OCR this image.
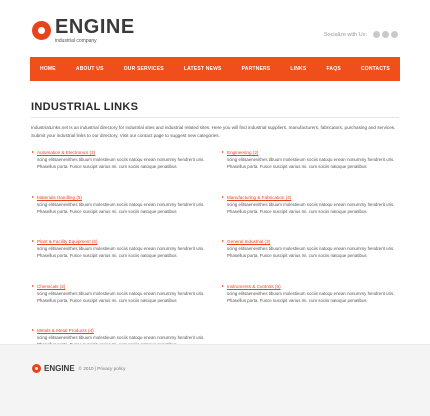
ENGINE
industrial company
Socialize with Us:
HOME	ABOUT US	OUR SERVICES	LATEST NEWS	PARTNERS	LINKS	FAQS	CONTACTS
INDUSTRIAL LINKS

IndustrialLinks.net is an industrial directory for industrial sites and industrial related sites. Here you will find industrial suppliers, manufacturers, fabricators, purchasing and services. Submit your industrial links to our directory. Visit our contact page to suggest new categories.

Automation & Electronics (3)

scing elitsaenevithes tibuum molestieum sociis natoqu enean nonummy hendrerit uris. Phasellus porta. Fusce suscipit varius mi. cum sociis natoque penatibus

Engineering (2)

scing elitsaenevithes tibuum molestieum sociis natoqu enean nonummy hendrerit uris. Phasellus porta. Fusce suscipit varius mi. cum sociis natoque penatibus

Materials Handling (5)

scing elitsaenevithes tibuum molestieum sociis natoqu enean nonummy hendrerit uris. Phasellus porta. Fusce suscipit varius mi. cum sociis natoque penatibus

Manufacturing & Fabrication (4)

scing elitsaenevithes tibuum molestieum sociis natoqu enean nonummy hendrerit uris. Phasellus porta. Fusce suscipit varius mi. cum sociis natoque penatibus

Plant & Facility Equipment (6)

scing elitsaenevithes tibuum molestieum sociis natoqu enean nonummy hendrerit uris. Phasellus porta. Fusce suscipit varius mi. cum sociis natoque penatibus

General Industrial (3)

scing elitsaenevithes tibuum molestieum sociis natoqu enean nonummy hendrerit uris. Phasellus porta. Fusce suscipit varius mi. cum sociis natoque penatibus

Chemicals (2)

scing elitsaenevithes tibuum molestieum sociis natoqu enean nonummy hendrerit uris. Phasellus porta. Fusce suscipit varius mi. cum sociis natoque penatibus

Instruments & Controls (5)

scing elitsaenevithes tibuum molestieum sociis natoqu enean nonummy hendrerit uris. Phasellus porta. Fusce suscipit varius mi. cum sociis natoque penatibus

Metals & Metal Products (4)

scing elitsaenevithes tibuum molestieum sociis natoqu enean nonummy hendrerit uris.

ENGINE © 2010 | Privacy policy
